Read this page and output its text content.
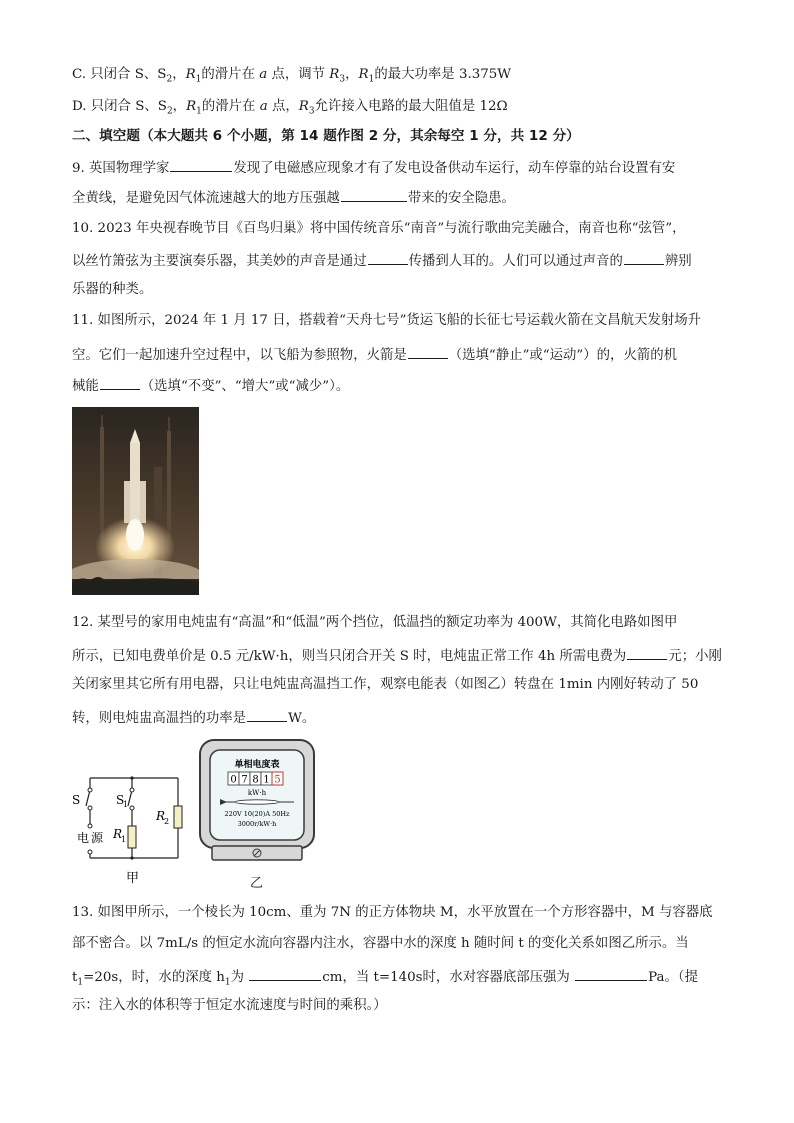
C. 只闭合 S、$S_2$，$R_1$的滑片在 a 点，调节 $R_3$，$R_1$的最大功率是 3.375W
D. 只闭合 S、$S_2$，$R_1$的滑片在 a 点，$R_3$允许接入电路的最大阻值是 12Ω
二、填空题（本大题共 6 个小题，第 14 题作图 2 分，其余每空 1 分，共 12 分）
9. 英国物理学家	发现了电磁感应现象才有了发电设备供动车运行，动车停靠的站台设置有安
全黄线，是避免因气体流速越大的地方压强越	带来的安全隐患。
10. 2023 年央视春晚节目《百鸟归巢》将中国传统音乐“南音”与流行歌曲完美融合，南音也称“弦管”，
以丝竹箫弦为主要演奏乐器，其美妙的声音是通过	传播到人耳的。人们可以通过声音的	辨别
乐器的种类。
11. 如图所示，2024 年 1 月 17 日，搭载着“天舟七号”货运飞船的长征七号运载火箭在文昌航天发射场升
空。它们一起加速升空过程中，以飞船为参照物，火箭是	（选填“静止”或“运动”）的，火箭的机
械能	（选填“不变”、“增大”或“减少”）。
12. 某型号的家用电炖盅有“高温”和“低温”两个挡位，低温挡的额定功率为 400W，其简化电路如图甲
所示，已知电费单价是 0.5 元/kW·h，则当只闭合开关 S 时，电炖盅正常工作 4h 所需电费为	元；小刚
关闭家里其它所有用电器，只让电炖盅高温挡工作，观察电能表（如图乙）转盘在 1min 内刚好转动了 50
转，则电炖盅高温挡的功率是	W。
S	S
1
R
1
R
2
电 源
甲
单相电度表
0 7 8 1 5
kW·h
220V 10(20)A 50Hz
3000r/kW·h
乙
13. 如图甲所示，一个棱长为 10cm、重为 7N 的正方体物块 M，水平放置在一个方形容器中，M 与容器底
部不密合。以 7mL/s 的恒定水流向容器内注水，容器中水的深度 h 随时间 t 的变化关系如图乙所示。当
$t_1=20s$，时，水的深度 $h_1$为	cm，当 t=140s时，水对容器底部压强为	Pa。（提
示：注入水的体积等于恒定水流速度与时间的乘积。）
